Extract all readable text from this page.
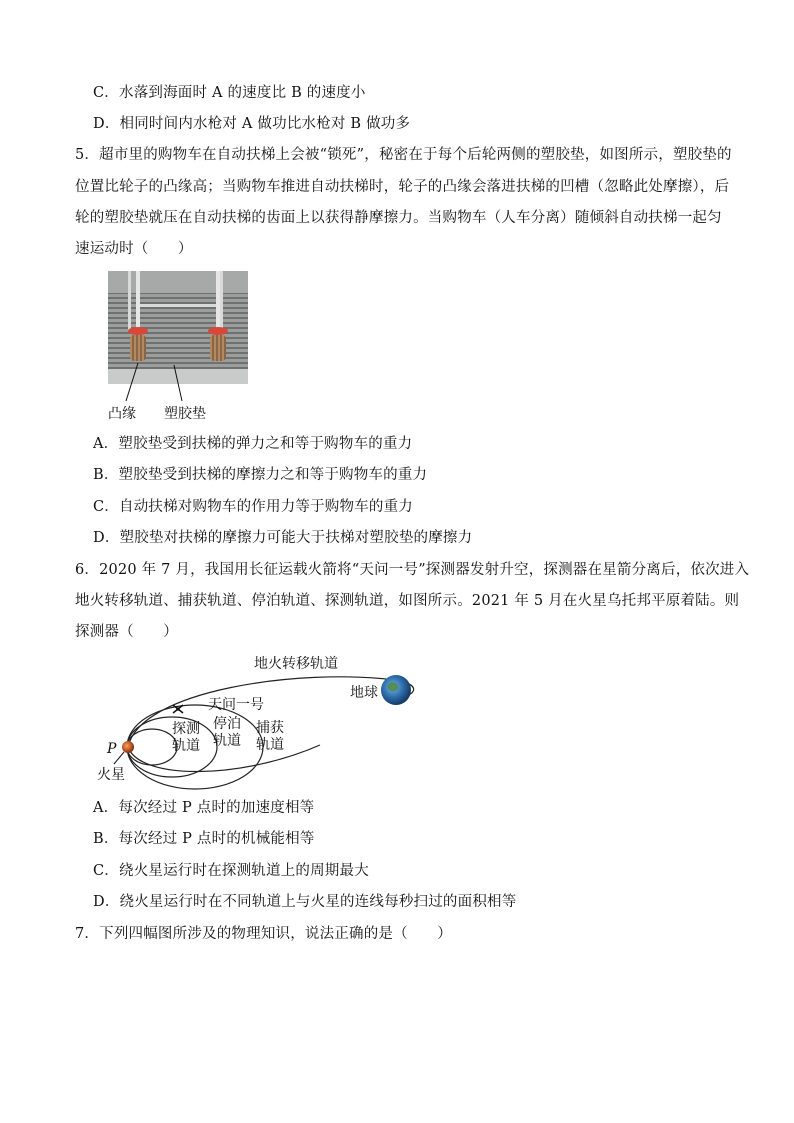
C．水落到海面时 A 的速度比 B 的速度小
D．相同时间内水枪对 A 做功比水枪对 B 做功多
5．超市里的购物车在自动扶梯上会被“锁死”，秘密在于每个后轮两侧的塑胶垫，如图所示，塑胶垫的
位置比轮子的凸缘高；当购物车推进自动扶梯时，轮子的凸缘会落进扶梯的凹槽（忽略此处摩擦），后
轮的塑胶垫就压在自动扶梯的齿面上以获得静摩擦力。当购物车（人车分离）随倾斜自动扶梯一起匀
速运动时（　　）
凸缘 塑胶垫
A．塑胶垫受到扶梯的弹力之和等于购物车的重力
B．塑胶垫受到扶梯的摩擦力之和等于购物车的重力
C．自动扶梯对购物车的作用力等于购物车的重力
D．塑胶垫对扶梯的摩擦力可能大于扶梯对塑胶垫的摩擦力
6．2020 年 7 月，我国用长征运载火箭将“天问一号”探测器发射升空，探测器在星箭分离后，依次进入
地火转移轨道、捕获轨道、停泊轨道、探测轨道，如图所示。2021 年 5 月在火星乌托邦平原着陆。则
探测器（　　）
地火转移轨道
地球
天问一号
探测
轨道
停泊
轨道
捕获
轨道
P
火星
A．每次经过 P 点时的加速度相等
B．每次经过 P 点时的机械能相等
C．绕火星运行时在探测轨道上的周期最大
D．绕火星运行时在不同轨道上与火星的连线每秒扫过的面积相等
7．下列四幅图所涉及的物理知识，说法正确的是（　　）
